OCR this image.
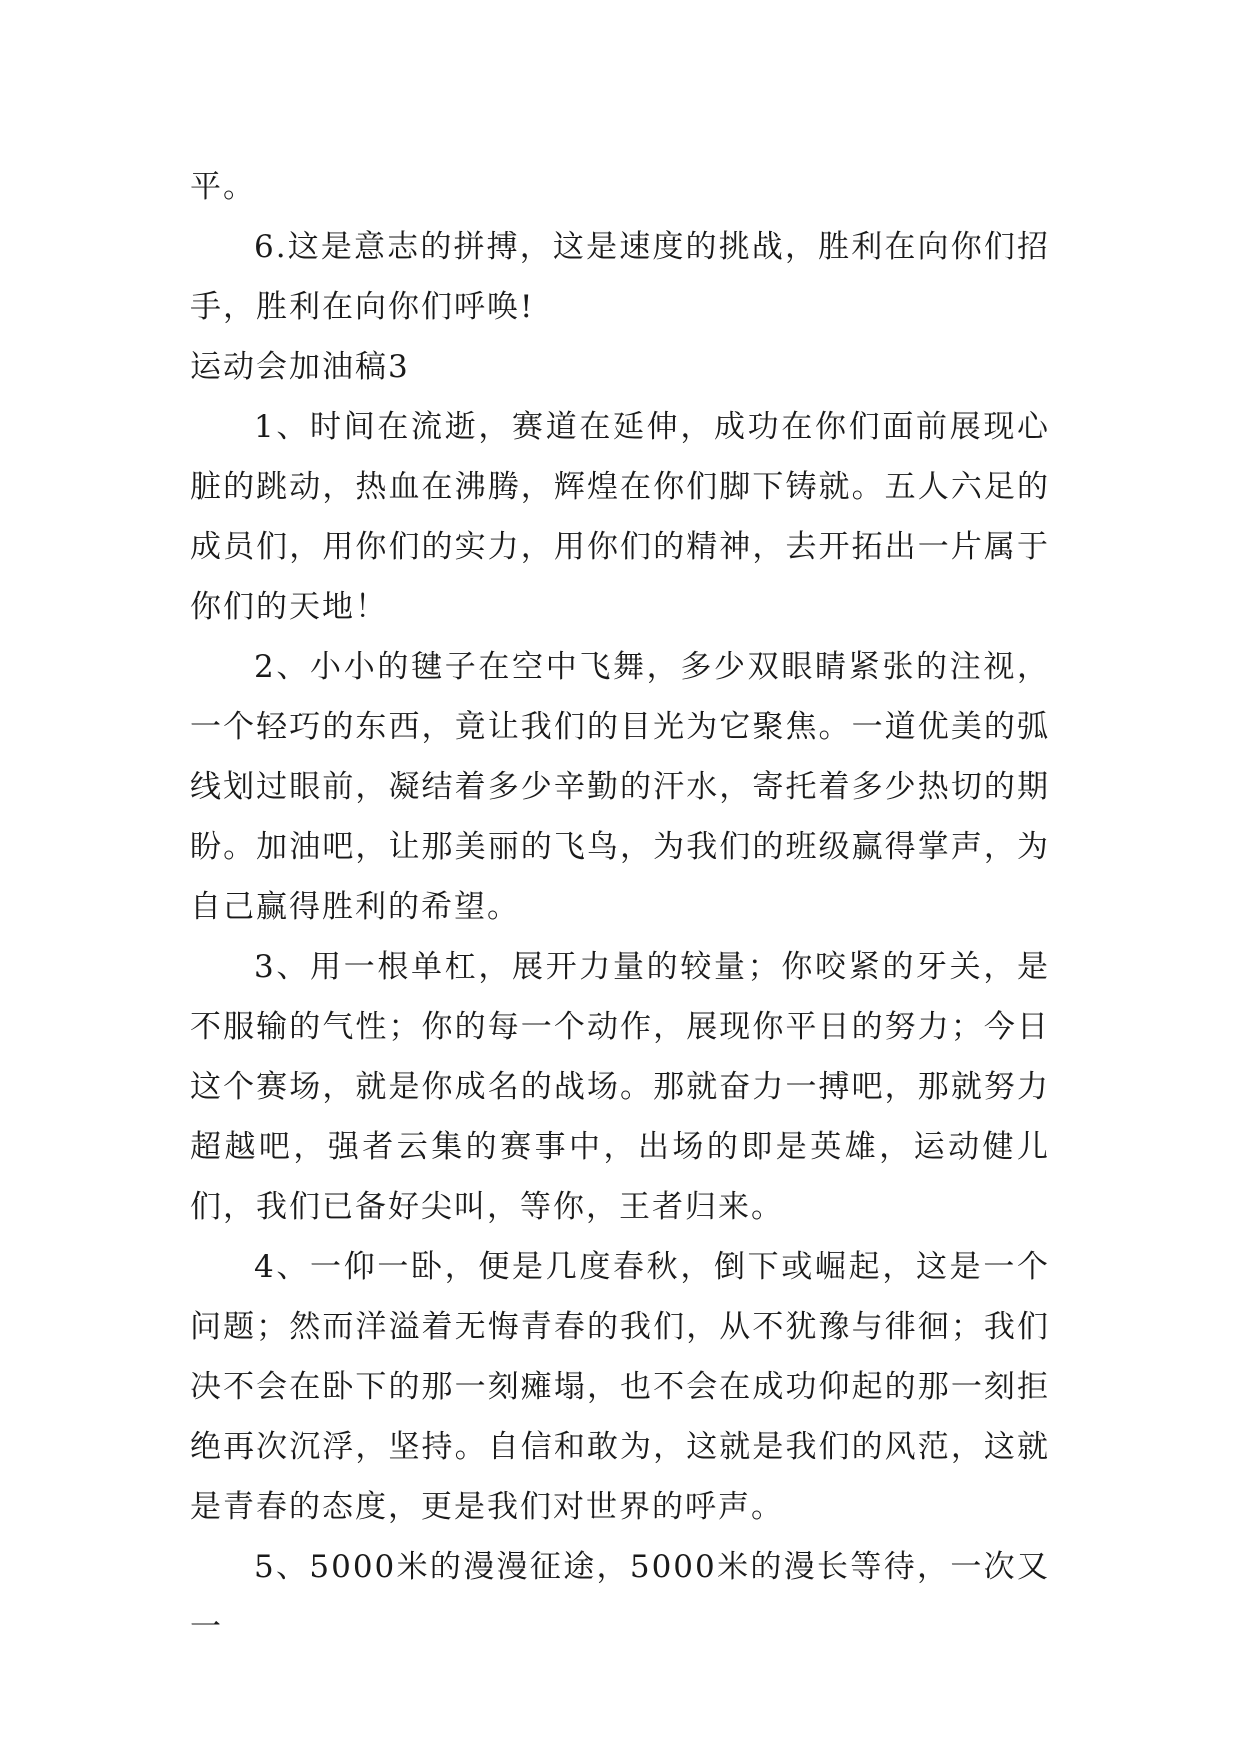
平。

6.这是意志的拼搏，这是速度的挑战，胜利在向你们招手，胜利在向你们呼唤!

运动会加油稿3

1、时间在流逝，赛道在延伸，成功在你们面前展现心脏的跳动，热血在沸腾，辉煌在你们脚下铸就。五人六足的成员们，用你们的实力，用你们的精神，去开拓出一片属于你们的天地！

2、小小的毽子在空中飞舞，多少双眼睛紧张的注视，一个轻巧的东西，竟让我们的目光为它聚焦。一道优美的弧线划过眼前，凝结着多少辛勤的汗水，寄托着多少热切的期盼。加油吧，让那美丽的飞鸟，为我们的班级赢得掌声，为自己赢得胜利的希望。

3、用一根单杠，展开力量的较量；你咬紧的牙关，是不服输的气性；你的每一个动作，展现你平日的努力；今日这个赛场，就是你成名的战场。那就奋力一搏吧，那就努力超越吧，强者云集的赛事中，出场的即是英雄，运动健儿们，我们已备好尖叫，等你，王者归来。

4、一仰一卧，便是几度春秋，倒下或崛起，这是一个问题；然而洋溢着无悔青春的我们，从不犹豫与徘徊；我们决不会在卧下的那一刻瘫塌，也不会在成功仰起的那一刻拒绝再次沉浮，坚持。自信和敢为，这就是我们的风范，这就是青春的态度，更是我们对世界的呼声。

5、5000米的漫漫征途，5000米的漫长等待，一次又一
